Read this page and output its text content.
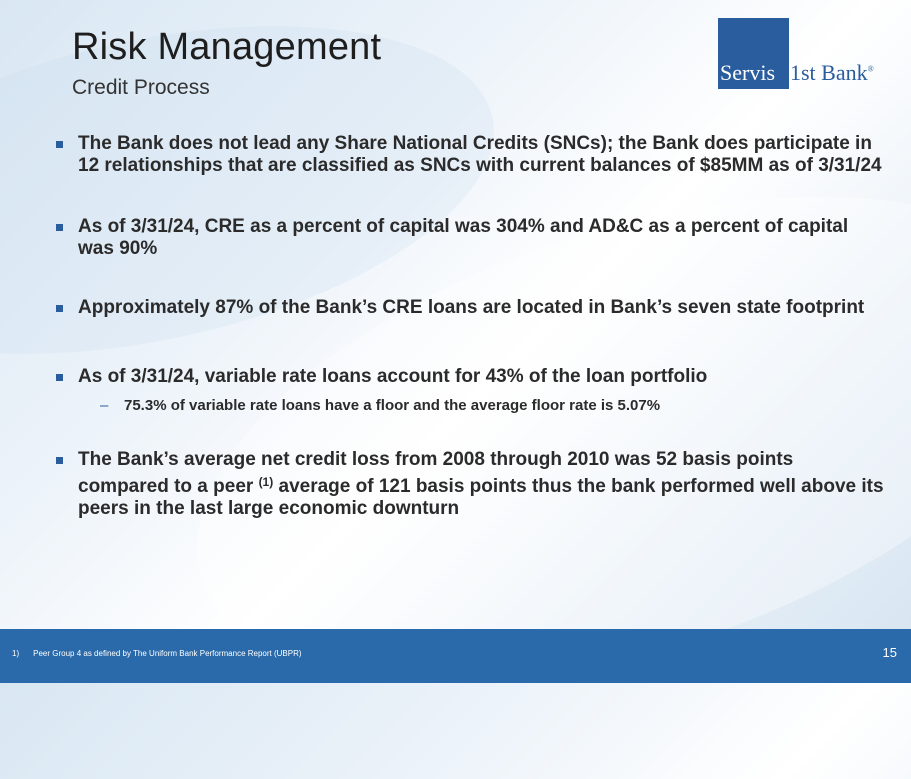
Risk Management
Credit Process
Servis 1st Bank®
The Bank does not lead any Share National Credits (SNCs); the Bank does participate in 12 relationships that are classified as SNCs with current balances of $85MM as of 3/31/24
As of 3/31/24, CRE as a percent of capital was 304% and AD&C as a percent of capital was 90%
Approximately 87% of the Bank’s CRE loans are located in Bank’s seven state footprint
As of 3/31/24, variable rate loans account for 43% of the loan portfolio
– 75.3% of variable rate loans have a floor and the average floor rate is 5.07%
The Bank’s average net credit loss from 2008 through 2010 was 52 basis points compared to a peer $^{(1)}$ average of 121 basis points thus the bank performed well above its peers in the last large economic downturn
1) Peer Group 4 as defined by The Uniform Bank Performance Report (UBPR)	15
